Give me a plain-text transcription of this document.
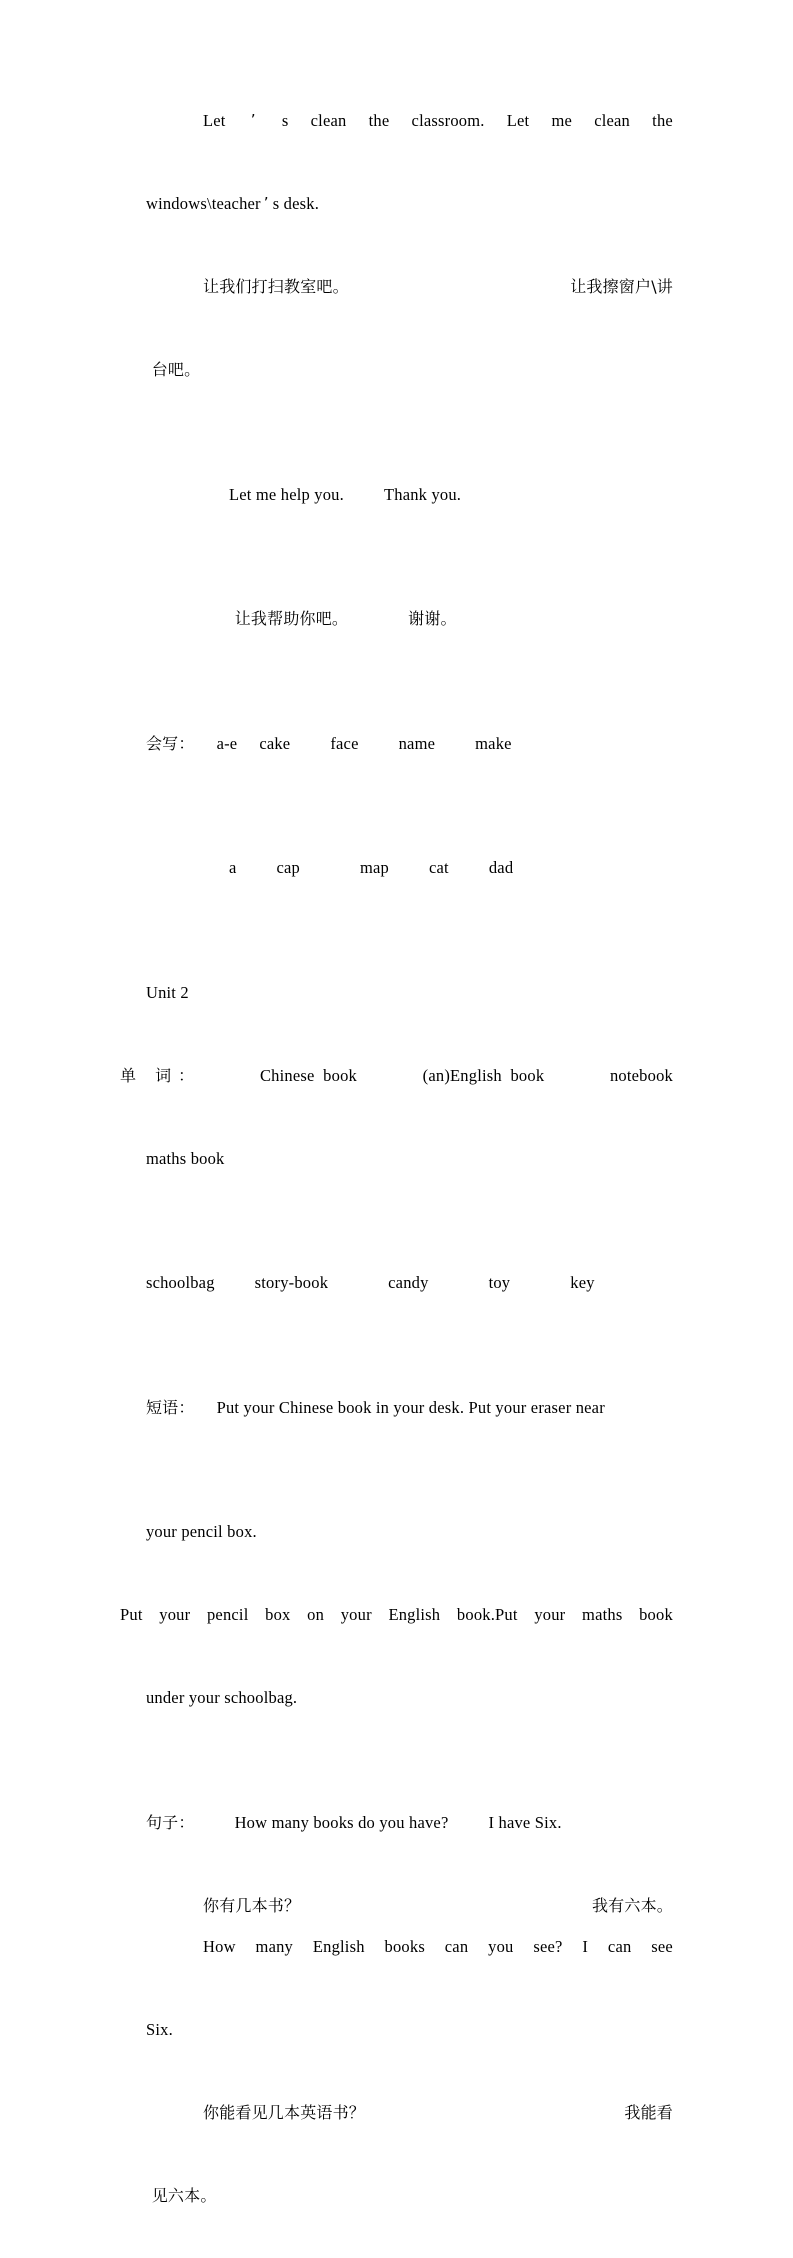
Let ’ s clean the classroom. Let me clean the

windows\teacher ’ s desk.

让我们打扫教室吧。	让我擦窗户\讲

台吧。

Let me help you. Thank you.

让我帮助你吧。	谢谢。

会写： a-e cake face name make

a cap	map cat dad

Unit 2

单 词：	Chinese  book	(an)English  book	notebook

maths book

schoolbag story-book	candy	toy	key

短语： Put your Chinese book in your desk. Put your eraser near

your pencil box.

Put your pencil box on your English book.Put your maths book

under your schoolbag.

句子： How many books do you have? I have Six.

你有几本书？	我有六本。
How many English books can you see? I can see

Six.

你能看见几本英语书？	我能看

见六本。
